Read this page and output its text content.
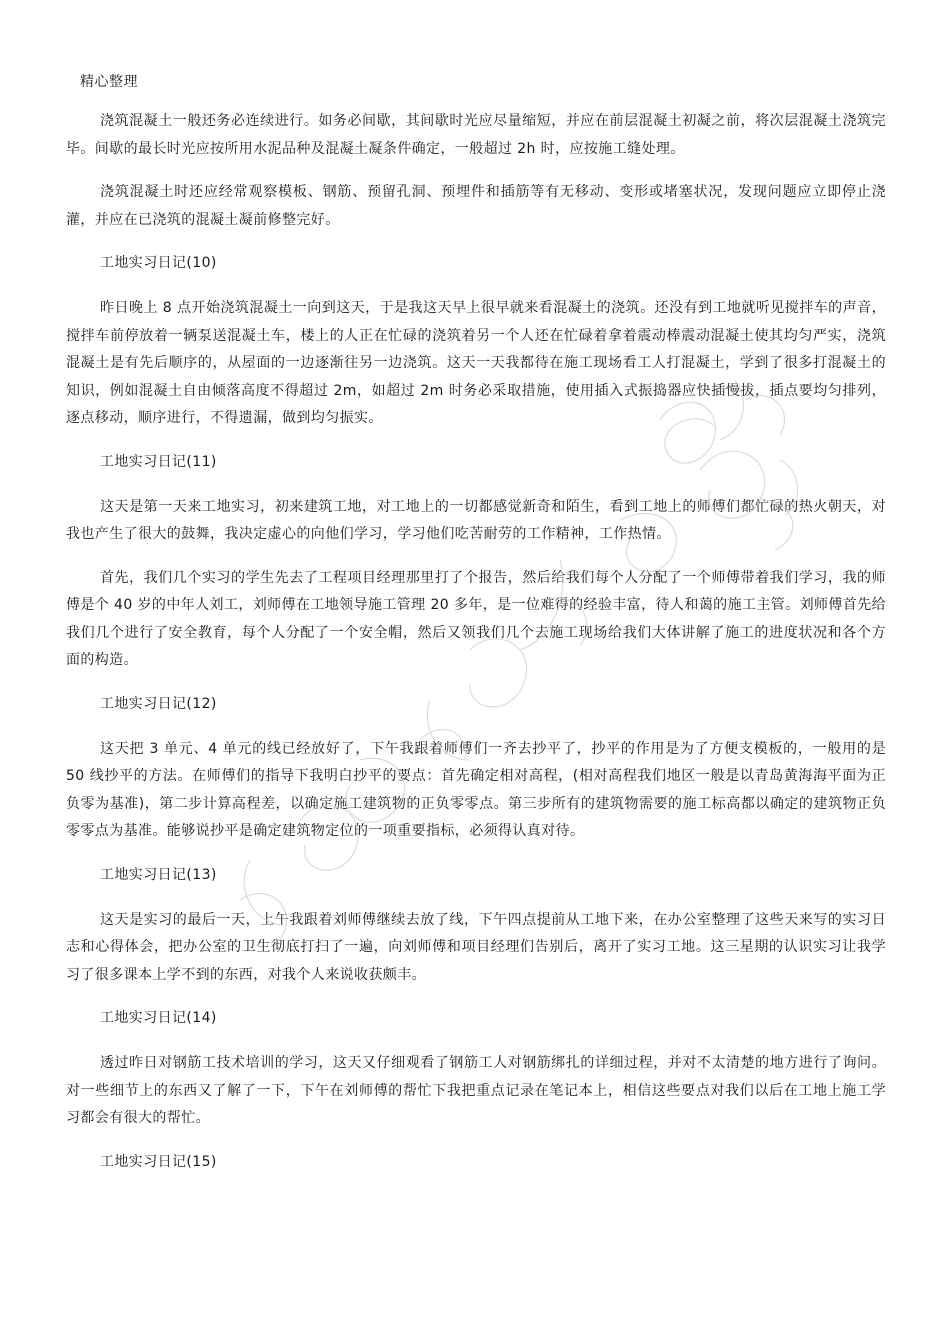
精心整理

浇筑混凝土一般还务必连续进行。如务必间歇，其间歇时光应尽量缩短，并应在前层混凝土初凝之前，将次层混凝土浇筑完毕。间歇的最长时光应按所用水泥品种及混凝土凝条件确定，一般超过 2h 时，应按施工缝处理。

浇筑混凝土时还应经常观察模板、钢筋、预留孔洞、预埋件和插筋等有无移动、变形或堵塞状况，发现问题应立即停止浇灌，并应在已浇筑的混凝土凝前修整完好。

工地实习日记(10)

昨日晚上 8 点开始浇筑混凝土一向到这天，于是我这天早上很早就来看混凝土的浇筑。还没有到工地就听见搅拌车的声音，搅拌车前停放着一辆泵送混凝土车，楼上的人正在忙碌的浇筑着另一个人还在忙碌着拿着震动棒震动混凝土使其均匀严实，浇筑混凝土是有先后顺序的，从屋面的一边逐渐往另一边浇筑。这天一天我都待在施工现场看工人打混凝土，学到了很多打混凝土的知识，例如混凝土自由倾落高度不得超过 2m，如超过 2m 时务必采取措施，使用插入式振捣器应快插慢拔，插点要均匀排列，逐点移动，顺序进行，不得遗漏，做到均匀振实。

工地实习日记(11)

这天是第一天来工地实习，初来建筑工地，对工地上的一切都感觉新奇和陌生，看到工地上的师傅们都忙碌的热火朝天，对我也产生了很大的鼓舞，我决定虚心的向他们学习，学习他们吃苦耐劳的工作精神，工作热情。

首先，我们几个实习的学生先去了工程项目经理那里打了个报告，然后给我们每个人分配了一个师傅带着我们学习，我的师傅是个 40 岁的中年人刘工，刘师傅在工地领导施工管理 20 多年，是一位难得的经验丰富，待人和蔼的施工主管。刘师傅首先给我们几个进行了安全教育，每个人分配了一个安全帽，然后又领我们几个去施工现场给我们大体讲解了施工的进度状况和各个方面的构造。

工地实习日记(12)

这天把 3 单元、4 单元的线已经放好了，下午我跟着师傅们一齐去抄平了，抄平的作用是为了方便支模板的，一般用的是 50 线抄平的方法。在师傅们的指导下我明白抄平的要点：首先确定相对高程，(相对高程我们地区一般是以青岛黄海海平面为正负零为基准)，第二步计算高程差，以确定施工建筑物的正负零零点。第三步所有的建筑物需要的施工标高都以确定的建筑物正负零零点为基准。能够说抄平是确定建筑物定位的一项重要指标，必须得认真对待。

工地实习日记(13)

这天是实习的最后一天，上午我跟着刘师傅继续去放了线，下午四点提前从工地下来，在办公室整理了这些天来写的实习日志和心得体会，把办公室的卫生彻底打扫了一遍，向刘师傅和项目经理们告别后，离开了实习工地。这三星期的认识实习让我学习了很多课本上学不到的东西，对我个人来说收获颇丰。

工地实习日记(14)

透过昨日对钢筋工技术培训的学习，这天又仔细观看了钢筋工人对钢筋绑扎的详细过程，并对不太清楚的地方进行了询问。对一些细节上的东西又了解了一下，下午在刘师傅的帮忙下我把重点记录在笔记本上，相信这些要点对我们以后在工地上施工学习都会有很大的帮忙。

工地实习日记(15)
